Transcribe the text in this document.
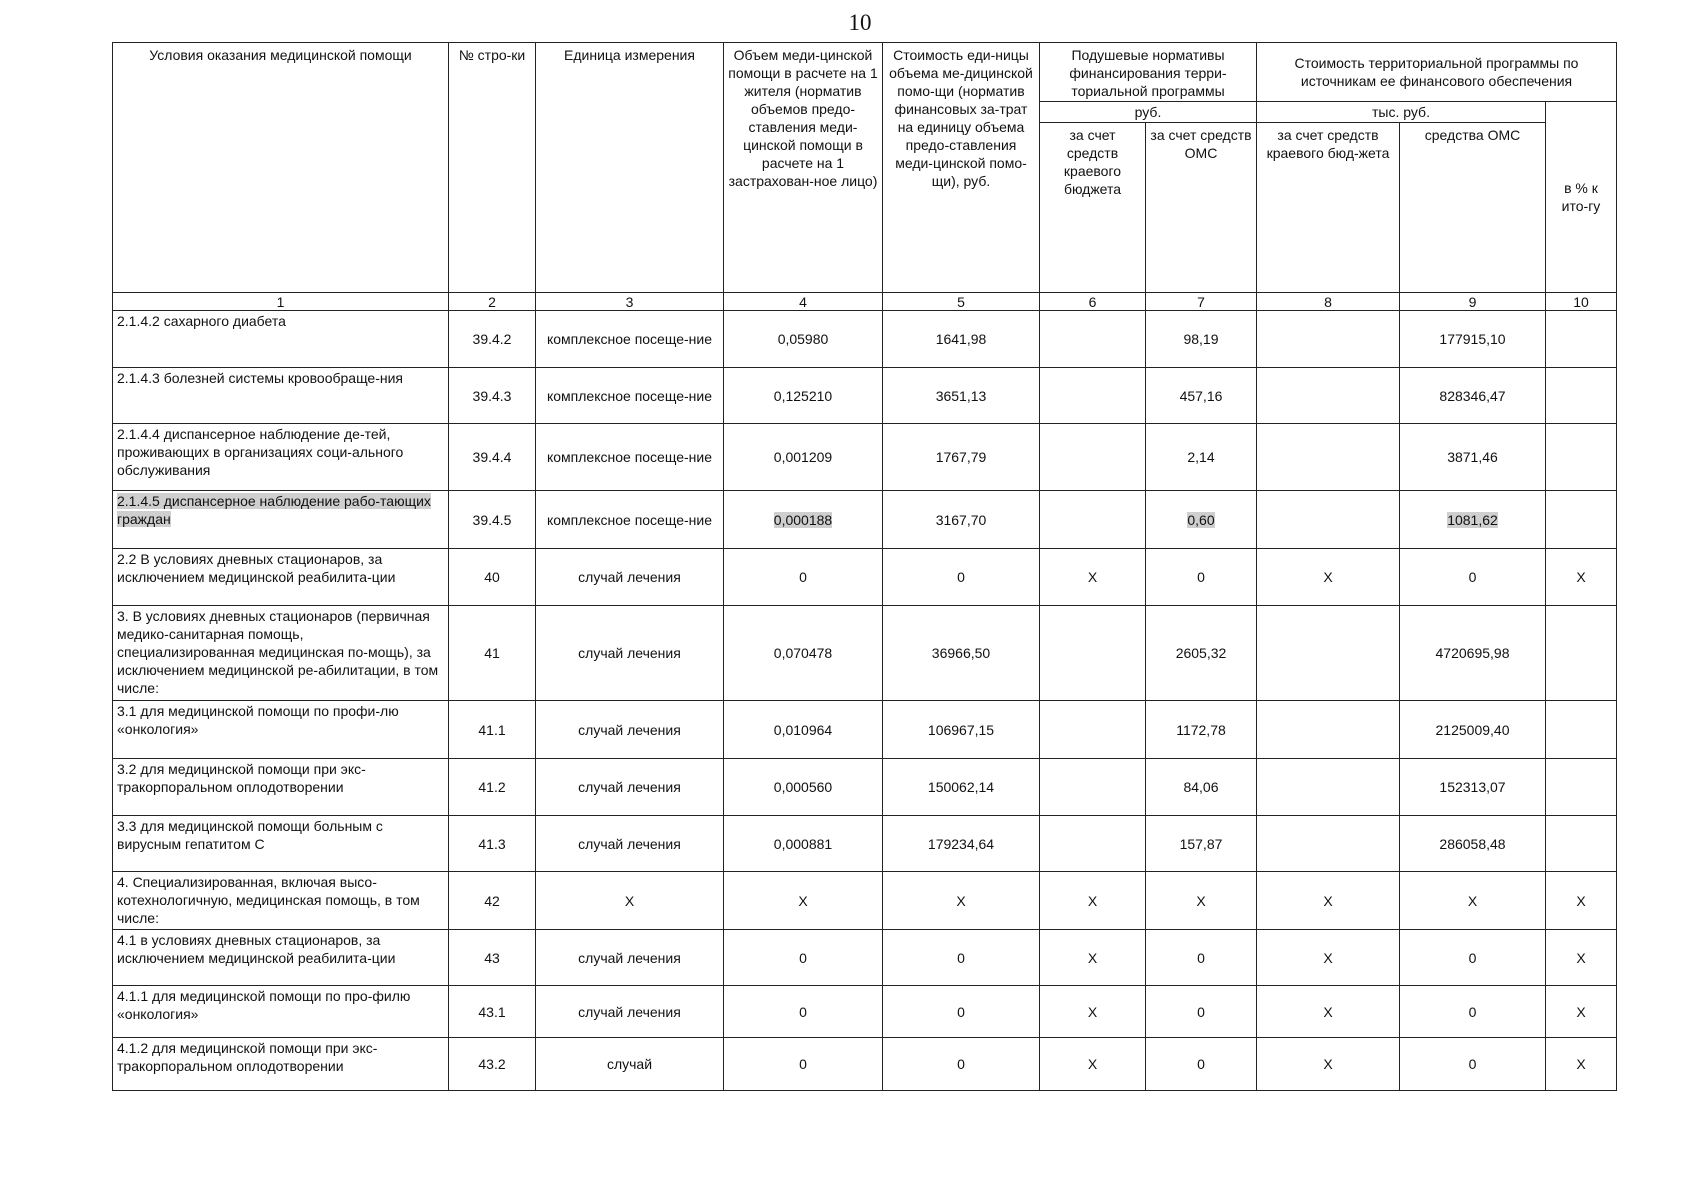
10
Условия оказания медицинской помощи	№ стро-ки	Единица измерения	Объем меди-цинской помощи в расчете на 1 жителя (норматив объемов предо-ставления меди-цинской помощи в расчете на 1 застрахован-ное лицо)	Стоимость еди-ницы объема ме-дицинской помо-щи (норматив финансовых за-трат на единицу объема предо-ставления меди-цинской помо-щи), руб.	Подушевые нормативы финансирования терри-ториальной программы		Стоимость территориальной программы по источникам ее финансового обеспечения		
					руб.		тыс. руб.		в % к ито-гу
					за счет средств краевого бюджета	за счет средств ОМС	за счет средств краевого бюд-жета	средства ОМС	
1	2	3	4	5	6	7	8	9	10
2.1.4.2 сахарного диабета	39.4.2	комплексное посеще-ние	0,05980	1641,98		98,19		177915,10	
2.1.4.3 болезней системы кровообраще-ния	39.4.3	комплексное посеще-ние	0,125210	3651,13		457,16		828346,47	
2.1.4.4 диспансерное наблюдение де-тей, проживающих в организациях соци-ального обслуживания	39.4.4	комплексное посеще-ние	0,001209	1767,79		2,14		3871,46	
2.1.4.5 диспансерное наблюдение рабо-тающих граждан	39.4.5	комплексное посеще-ние	0,000188	3167,70		0,60		1081,62	
2.2 В условиях дневных стационаров, за исключением медицинской реабилита-ции	40	случай лечения	0	0	Х	0	Х	0	Х
3. В условиях дневных стационаров (первичная медико-санитарная помощь, специализированная медицинская по-мощь), за исключением медицинской ре-абилитации, в том числе:	41	случай лечения	0,070478	36966,50		2605,32		4720695,98	
3.1 для медицинской помощи по профи-лю «онкология»	41.1	случай лечения	0,010964	106967,15		1172,78		2125009,40	
3.2 для медицинской помощи при экс-тракорпоральном оплодотворении	41.2	случай лечения	0,000560	150062,14		84,06		152313,07	
3.3 для медицинской помощи больным с вирусным гепатитом С	41.3	случай лечения	0,000881	179234,64		157,87		286058,48	
4. Специализированная, включая высо-котехнологичную, медицинская помощь, в том числе:	42	Х	Х	Х	Х	Х	Х	Х	Х
4.1 в условиях дневных стационаров, за исключением медицинской реабилита-ции	43	случай лечения	0	0	Х	0	Х	0	Х
4.1.1 для медицинской помощи по про-филю «онкология»	43.1	случай лечения	0	0	Х	0	Х	0	Х
4.1.2 для медицинской помощи при экс-тракорпоральном оплодотворении	43.2	случай	0	0	Х	0	Х	0	Х
